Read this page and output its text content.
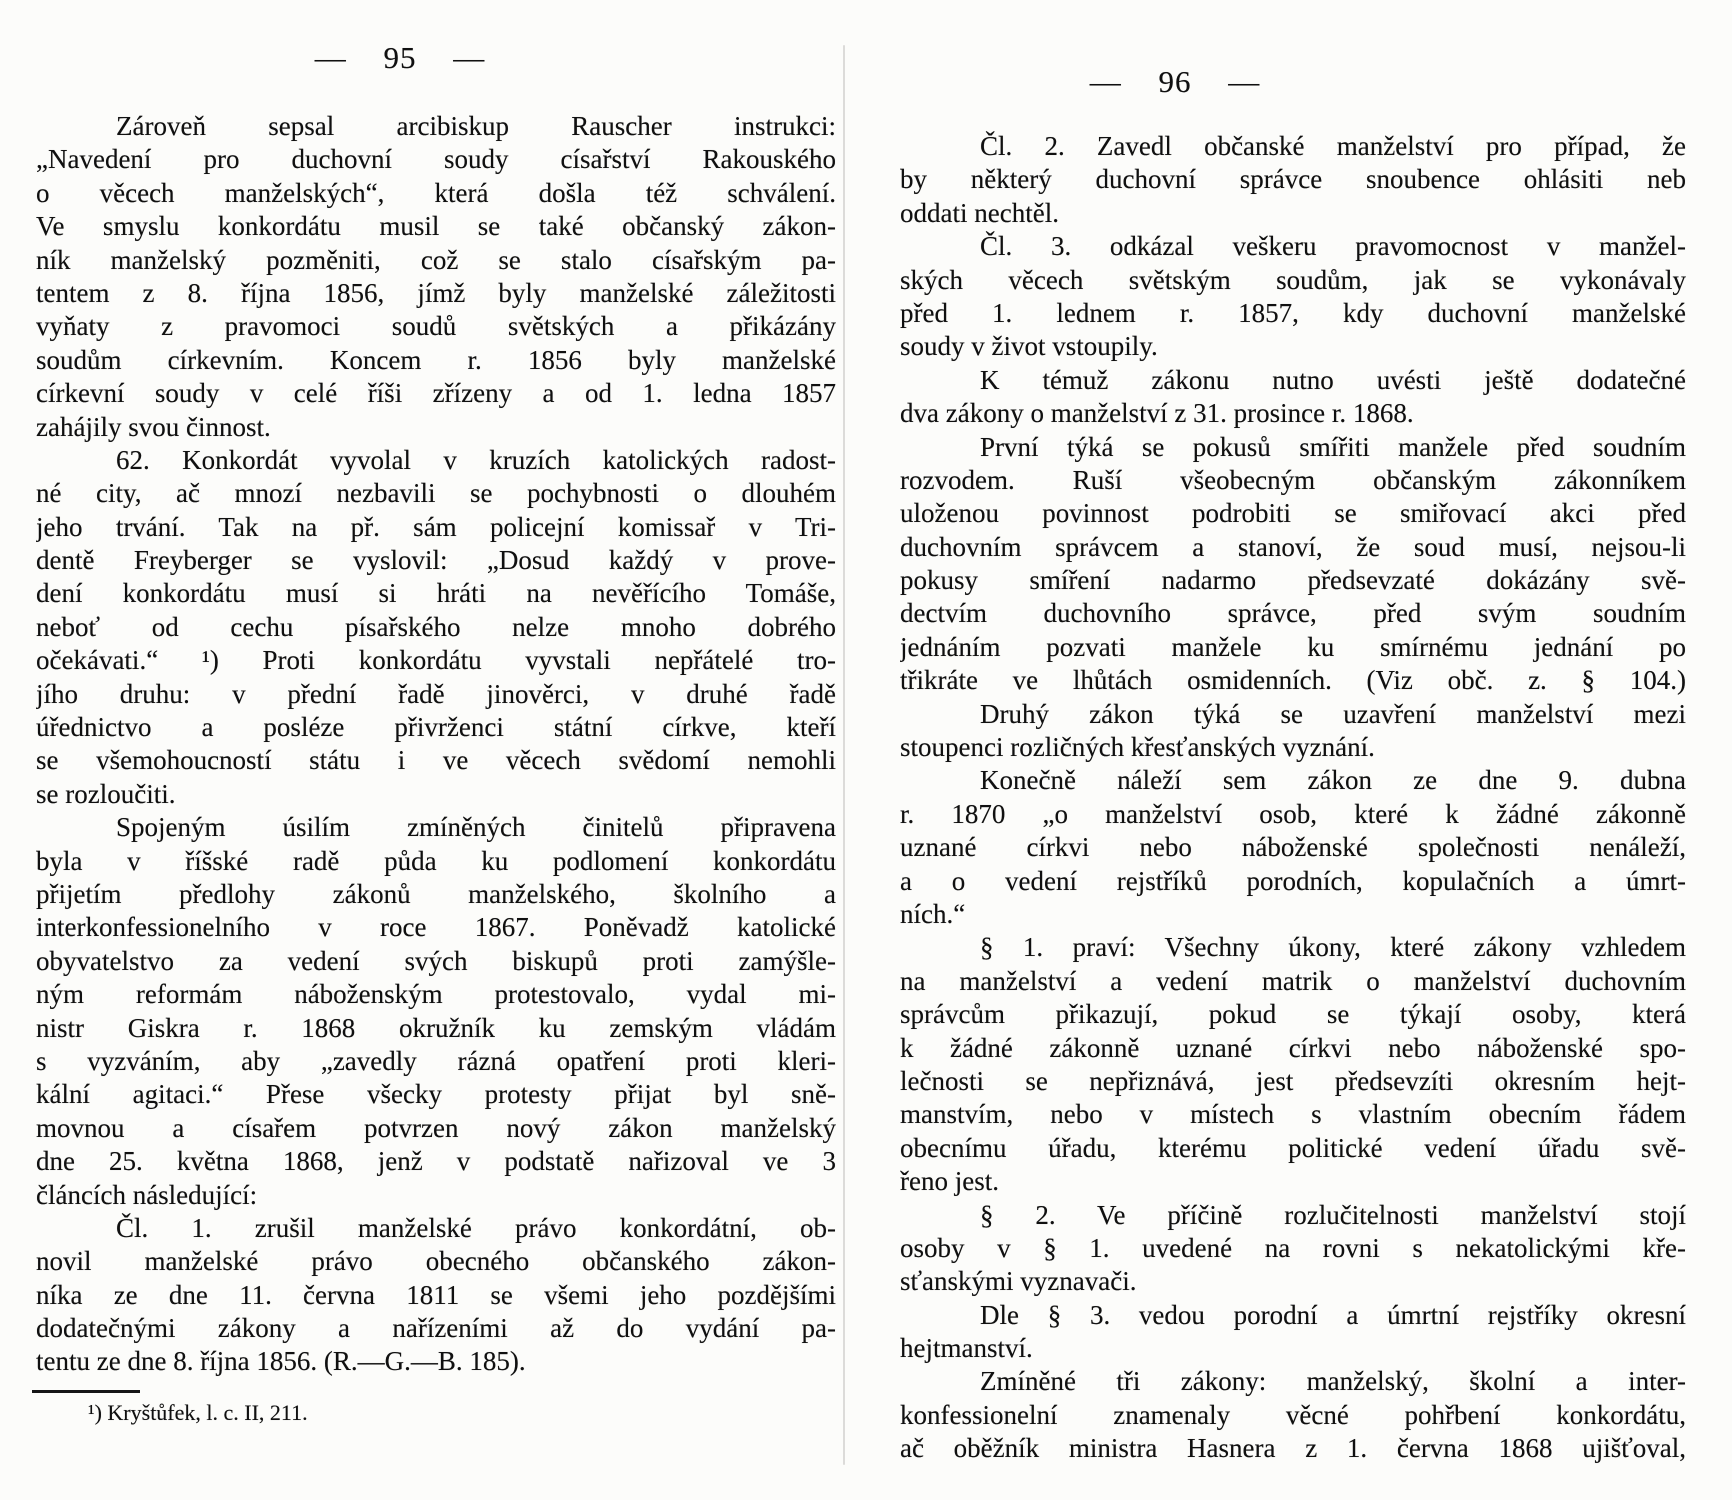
— 95 —
Zároveň sepsal arcibiskup Rauscher instrukci:
„Navedení pro duchovní soudy císařství Rakouského
o věcech manželských“, která došla též schválení.
Ve smyslu konkordátu musil se také občanský zákon-
ník manželský pozměniti, což se stalo císařským pa-
tentem z 8. října 1856, jímž byly manželské záležitosti
vyňaty z pravomoci soudů světských a přikázány
soudům církevním. Koncem r. 1856 byly manželské
církevní soudy v celé říši zřízeny a od 1. ledna 1857
zahájily svou činnost.
62. Konkordát vyvolal v kruzích katolických radost-
né city, ač mnozí nezbavili se pochybnosti o dlouhém
jeho trvání. Tak na př. sám policejní komissař v Tri-
dentě Freyberger se vyslovil: „Dosud každý v prove-
dení konkordátu musí si hráti na nevěřícího Tomáše,
neboť od cechu písařského nelze mnoho dobrého
očekávati.“ ¹) Proti konkordátu vyvstali nepřátelé tro-
jího druhu: v přední řadě jinověrci, v druhé řadě
úřednictvo a posléze přivrženci státní církve, kteří
se všemohoucností státu i ve věcech svědomí nemohli
se rozloučiti.
Spojeným úsilím zmíněných činitelů připravena
byla v říšské radě půda ku podlomení konkordátu
přijetím předlohy zákonů manželského, školního a
interkonfessionelního v roce 1867. Poněvadž katolické
obyvatelstvo za vedení svých biskupů proti zamýšle-
ným reformám náboženským protestovalo, vydal mi-
nistr Giskra r. 1868 okružník ku zemským vládám
s vyzváním, aby „zavedly rázná opatření proti kleri-
kální agitaci.“ Přese všecky protesty přijat byl sně-
movnou a císařem potvrzen nový zákon manželský
dne 25. května 1868, jenž v podstatě nařizoval ve 3
článcích následující:
Čl. 1. zrušil manželské právo konkordátní, ob-
novil manželské právo obecného občanského zákon-
níka ze dne 11. června 1811 se všemi jeho pozdějšími
dodatečnými zákony a nařízeními až do vydání pa-
tentu ze dne 8. října 1856. (R.—G.—B. 185).
¹) Kryštůfek, l. c. II, 211.
— 96 —
Čl. 2. Zavedl občanské manželství pro případ, že
by některý duchovní správce snoubence ohlásiti neb
oddati nechtěl.
Čl. 3. odkázal veškeru pravomocnost v manžel-
ských věcech světským soudům, jak se vykonávaly
před 1. lednem r. 1857, kdy duchovní manželské
soudy v život vstoupily.
K témuž zákonu nutno uvésti ještě dodatečné
dva zákony o manželství z 31. prosince r. 1868.
První týká se pokusů smířiti manžele před soudním
rozvodem. Ruší všeobecným občanským zákonníkem
uloženou povinnost podrobiti se smiřovací akci před
duchovním správcem a stanoví, že soud musí, nejsou-li
pokusy smíření nadarmo předsevzaté dokázány svě-
dectvím duchovního správce, před svým soudním
jednáním pozvati manžele ku smírnému jednání po
třikráte ve lhůtách osmidenních. (Viz obč. z. § 104.)
Druhý zákon týká se uzavření manželství mezi
stoupenci rozličných křesťanských vyznání.
Konečně náleží sem zákon ze dne 9. dubna
r. 1870 „o manželství osob, které k žádné zákonně
uznané církvi nebo náboženské společnosti nenáleží,
a o vedení rejstříků porodních, kopulačních a úmrt-
ních.“
§ 1. praví: Všechny úkony, které zákony vzhledem
na manželství a vedení matrik o manželství duchovním
správcům přikazují, pokud se týkají osoby, která
k žádné zákonně uznané církvi nebo náboženské spo-
lečnosti se nepřiznává, jest předsevzíti okresním hejt-
manstvím, nebo v místech s vlastním obecním řádem
obecnímu úřadu, kterému politické vedení úřadu svě-
řeno jest.
§ 2. Ve příčině rozlučitelnosti manželství stojí
osoby v § 1. uvedené na rovni s nekatolickými kře-
sťanskými vyznavači.
Dle § 3. vedou porodní a úmrtní rejstříky okresní
hejtmanství.
Zmíněné tři zákony: manželský, školní a inter-
konfessionelní znamenaly věcné pohřbení konkordátu,
ač oběžník ministra Hasnera z 1. června 1868 ujišťoval,
